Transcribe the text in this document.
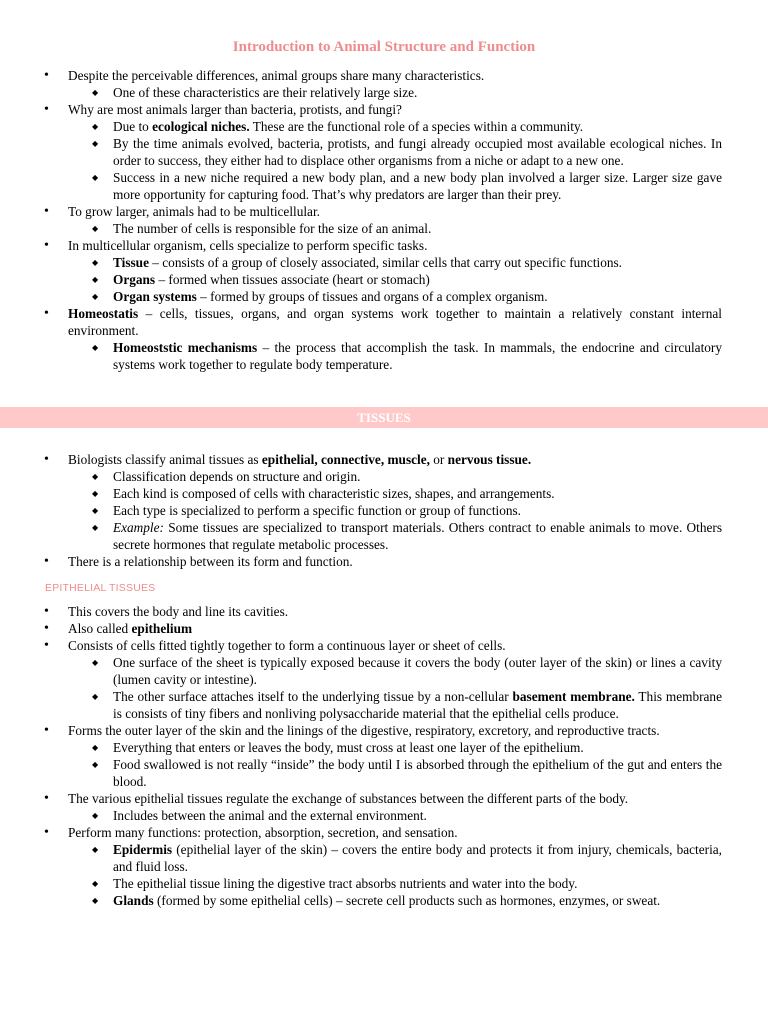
Introduction to Animal Structure and Function
• Despite the perceivable differences, animal groups share many characteristics.
◆ One of these characteristics are their relatively large size.
• Why are most animals larger than bacteria, protists, and fungi?
◆ Due to ecological niches. These are the functional role of a species within a community.
◆ By the time animals evolved, bacteria, protists, and fungi already occupied most available ecological niches. In order to success, they either had to displace other organisms from a niche or adapt to a new one.
◆ Success in a new niche required a new body plan, and a new body plan involved a larger size. Larger size gave more opportunity for capturing food. That’s why predators are larger than their prey.
• To grow larger, animals had to be multicellular.
◆ The number of cells is responsible for the size of an animal.
• In multicellular organism, cells specialize to perform specific tasks.
◆ Tissue – consists of a group of closely associated, similar cells that carry out specific functions.
◆ Organs – formed when tissues associate (heart or stomach)
◆ Organ systems – formed by groups of tissues and organs of a complex organism.
• Homeostatis – cells, tissues, organs, and organ systems work together to maintain a relatively constant internal environment.
◆ Homeoststic mechanisms – the process that accomplish the task. In mammals, the endocrine and circulatory systems work together to regulate body temperature.
TISSUES
• Biologists classify animal tissues as epithelial, connective, muscle, or nervous tissue.
◆ Classification depends on structure and origin.
◆ Each kind is composed of cells with characteristic sizes, shapes, and arrangements.
◆ Each type is specialized to perform a specific function or group of functions.
◆ Example: Some tissues are specialized to transport materials. Others contract to enable animals to move. Others secrete hormones that regulate metabolic processes.
• There is a relationship between its form and function.
EPITHELIAL TISSUES
• This covers the body and line its cavities.
• Also called epithelium
• Consists of cells fitted tightly together to form a continuous layer or sheet of cells.
◆ One surface of the sheet is typically exposed because it covers the body (outer layer of the skin) or lines a cavity (lumen cavity or intestine).
◆ The other surface attaches itself to the underlying tissue by a non-cellular basement membrane. This membrane is consists of tiny fibers and nonliving polysaccharide material that the epithelial cells produce.
• Forms the outer layer of the skin and the linings of the digestive, respiratory, excretory, and reproductive tracts.
◆ Everything that enters or leaves the body, must cross at least one layer of the epithelium.
◆ Food swallowed is not really “inside” the body until I is absorbed through the epithelium of the gut and enters the blood.
• The various epithelial tissues regulate the exchange of substances between the different parts of the body.
◆ Includes between the animal and the external environment.
• Perform many functions: protection, absorption, secretion, and sensation.
◆ Epidermis (epithelial layer of the skin) – covers the entire body and protects it from injury, chemicals, bacteria, and fluid loss.
◆ The epithelial tissue lining the digestive tract absorbs nutrients and water into the body.
◆ Glands (formed by some epithelial cells) – secrete cell products such as hormones, enzymes, or sweat.
